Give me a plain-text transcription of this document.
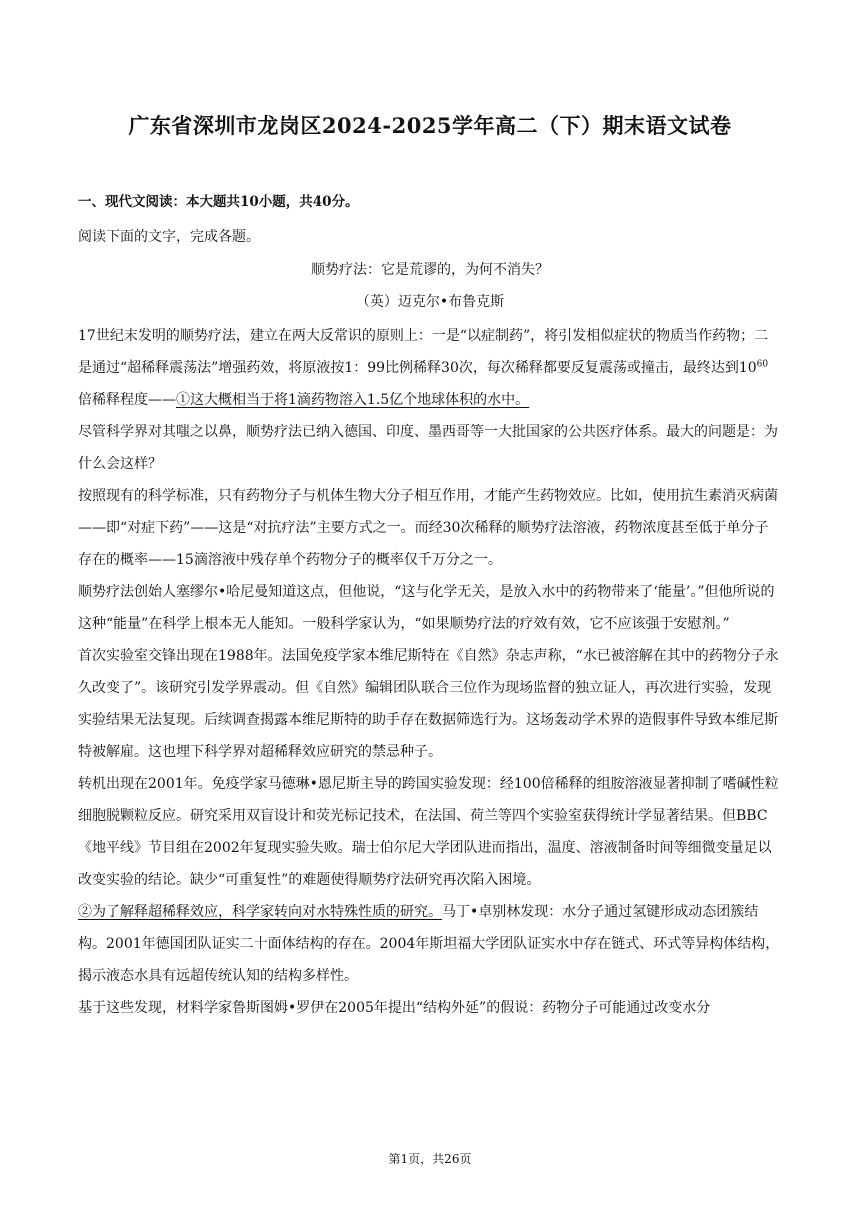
广东省深圳市龙岗区2024-2025学年高二（下）期末语文试卷
一、现代文阅读：本大题共10小题，共40分。
阅读下面的文字，完成各题。
顺势疗法：它是荒谬的，为何不消失？
（英）迈克尔•布鲁克斯

17世纪末发明的顺势疗法，建立在两大反常识的原则上：一是“以症制药”，将引发相似症状的物质当作药物；二是通过“超稀释震荡法”增强药效，将原液按1：99比例稀释30次，每次稀释都要反复震荡或撞击，最终达到$10^{60}$倍稀释程度——①这大概相当于将1滴药物溶入1.5亿个地球体积的水中。

尽管科学界对其嗤之以鼻，顺势疗法已纳入德国、印度、墨西哥等一大批国家的公共医疗体系。最大的问题是：为什么会这样？

按照现有的科学标准，只有药物分子与机体生物大分子相互作用，才能产生药物效应。比如，使用抗生素消灭病菌——即“对症下药”——这是“对抗疗法”主要方式之一。而经30次稀释的顺势疗法溶液，药物浓度甚至低于单分子存在的概率——15滴溶液中残存单个药物分子的概率仅千万分之一。

顺势疗法创始人塞缪尔•哈尼曼知道这点，但他说，“这与化学无关，是放入水中的药物带来了‘能量’。”但他所说的这种“能量”在科学上根本无人能知。一般科学家认为，“如果顺势疗法的疗效有效，它不应该强于安慰剂。”

首次实验室交锋出现在1988年。法国免疫学家本维尼斯特在《自然》杂志声称，“水已被溶解在其中的药物分子永久改变了”。该研究引发学界震动。但《自然》编辑团队联合三位作为现场监督的独立证人，再次进行实验，发现实验结果无法复现。后续调查揭露本维尼斯特的助手存在数据筛选行为。这场轰动学术界的造假事件导致本维尼斯特被解雇。这也埋下科学界对超稀释效应研究的禁忌种子。

转机出现在2001年。免疫学家马德琳•恩尼斯主导的跨国实验发现：经100倍稀释的组胺溶液显著抑制了嗜碱性粒细胞脱颗粒反应。研究采用双盲设计和荧光标记技术，在法国、荷兰等四个实验室获得统计学显著结果。但BBC《地平线》节目组在2002年复现实验失败。瑞士伯尔尼大学团队进而指出，温度、溶液制备时间等细微变量足以改变实验的结论。缺少“可重复性”的难题使得顺势疗法研究再次陷入困境。

②为了解释超稀释效应，科学家转向对水特殊性质的研究。马丁•卓别林发现：水分子通过氢键形成动态团簇结构。2001年德国团队证实二十面体结构的存在。2004年斯坦福大学团队证实水中存在链式、环式等异构体结构，揭示液态水具有远超传统认知的结构多样性。

基于这些发现，材料学家鲁斯图姆•罗伊在2005年提出“结构外延”的假说：药物分子可能通过改变水分

第1页，共26页
